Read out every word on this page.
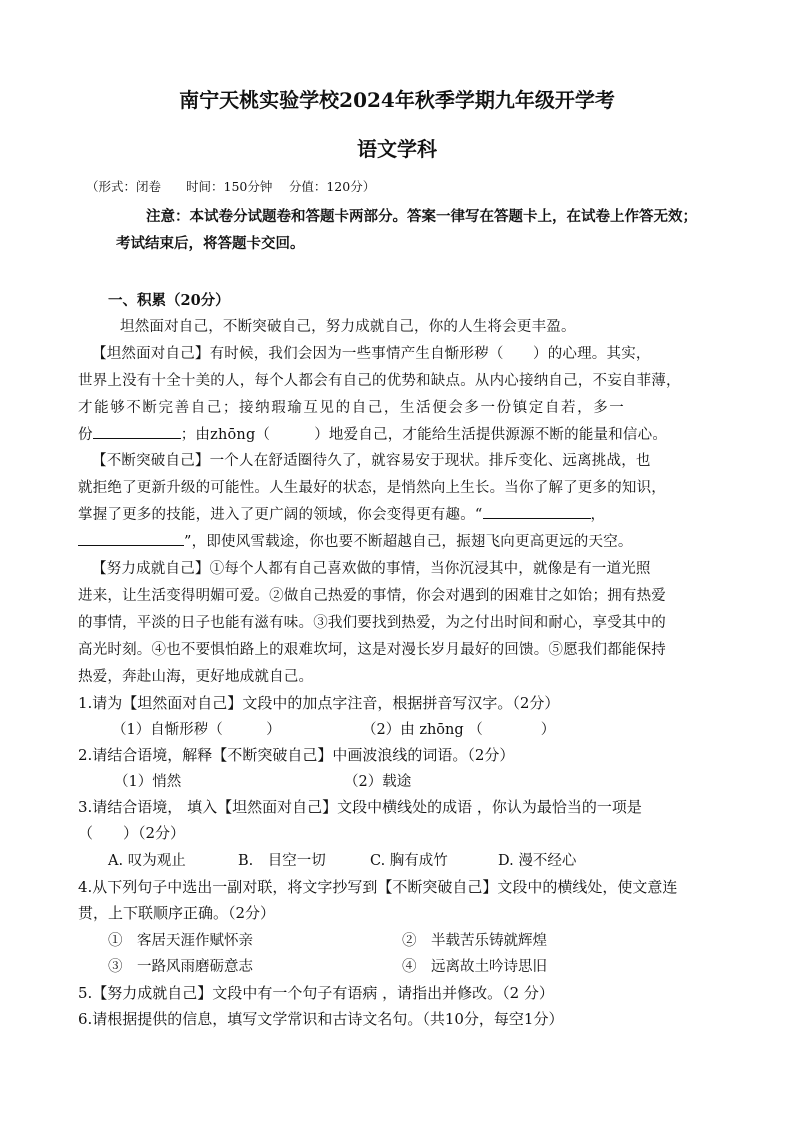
南宁天桃实验学校2024年秋季学期九年级开学考
语文学科
（形式：闭卷　　时间：150分钟　 分值：120分）
注意：本试卷分试题卷和答题卡两部分。答案一律写在答题卡上，在试卷上作答无效；
考试结束后，将答题卡交回。
一、积累（20分）
坦然面对自己，不断突破自己，努力成就自己，你的人生将会更丰盈。
【坦然面对自己】有时候，我们会因为一些事情产生自惭形秽（　　）的心理。其实，
世界上没有十全十美的人，每个人都会有自己的优势和缺点。从内心接纳自己，不妄自菲薄，
才能够不断完善自己；接纳瑕瑜互见的自己，生活便会多一份镇定自若，多一
份	；由zhōng（　　　）地爱自己，才能给生活提供源源不断的能量和信心。
【不断突破自己】一个人在舒适圈待久了，就容易安于现状。排斥变化、远离挑战，也
就拒绝了更新升级的可能性。人生最好的状态，是悄然向上生长。当你了解了更多的知识，
掌握了更多的技能，进入了更广阔的领域，你会变得更有趣。“	，
”，即使风雪载途，你也要不断超越自己，振翅飞向更高更远的天空。
【努力成就自己】①每个人都有自己喜欢做的事情，当你沉浸其中，就像是有一道光照
进来，让生活变得明媚可爱。②做自己热爱的事情，你会对遇到的困难甘之如饴；拥有热爱
的事情，平淡的日子也能有滋有味。③我们要找到热爱，为之付出时间和耐心，享受其中的
高光时刻。④也不要惧怕路上的艰难坎坷，这是对漫长岁月最好的回馈。⑤愿我们都能保持
热爱，奔赴山海，更好地成就自己。
1.请为【坦然面对自己】文段中的加点字注音，根据拼音写汉字。（2分）
（1）自惭形秽（　　　）	（2）由 zhōng （　　　　）
2.请结合语境，解释【不断突破自己】中画波浪线的词语。（2分）
（1）悄然	（2）载途
3.请结合语境， 填入【坦然面对自己】文段中横线处的成语 ，你认为最恰当的一项是
（　　）（2分）
A. 叹为观止	B.　目空一切	C. 胸有成竹	D. 漫不经心
4.从下列句子中选出一副对联，将文字抄写到【不断突破自己】文段中的横线处，使文意连
贯，上下联顺序正确。（2分）
①　客居天涯作赋怀亲	②　半载苦乐铸就辉煌
③　一路风雨磨砺意志	④　远离故土吟诗思旧
5.【努力成就自己】文段中有一个句子有语病 ，请指出并修改。（2 分）
6.请根据提供的信息，填写文学常识和古诗文名句。（共10分，每空1分）
